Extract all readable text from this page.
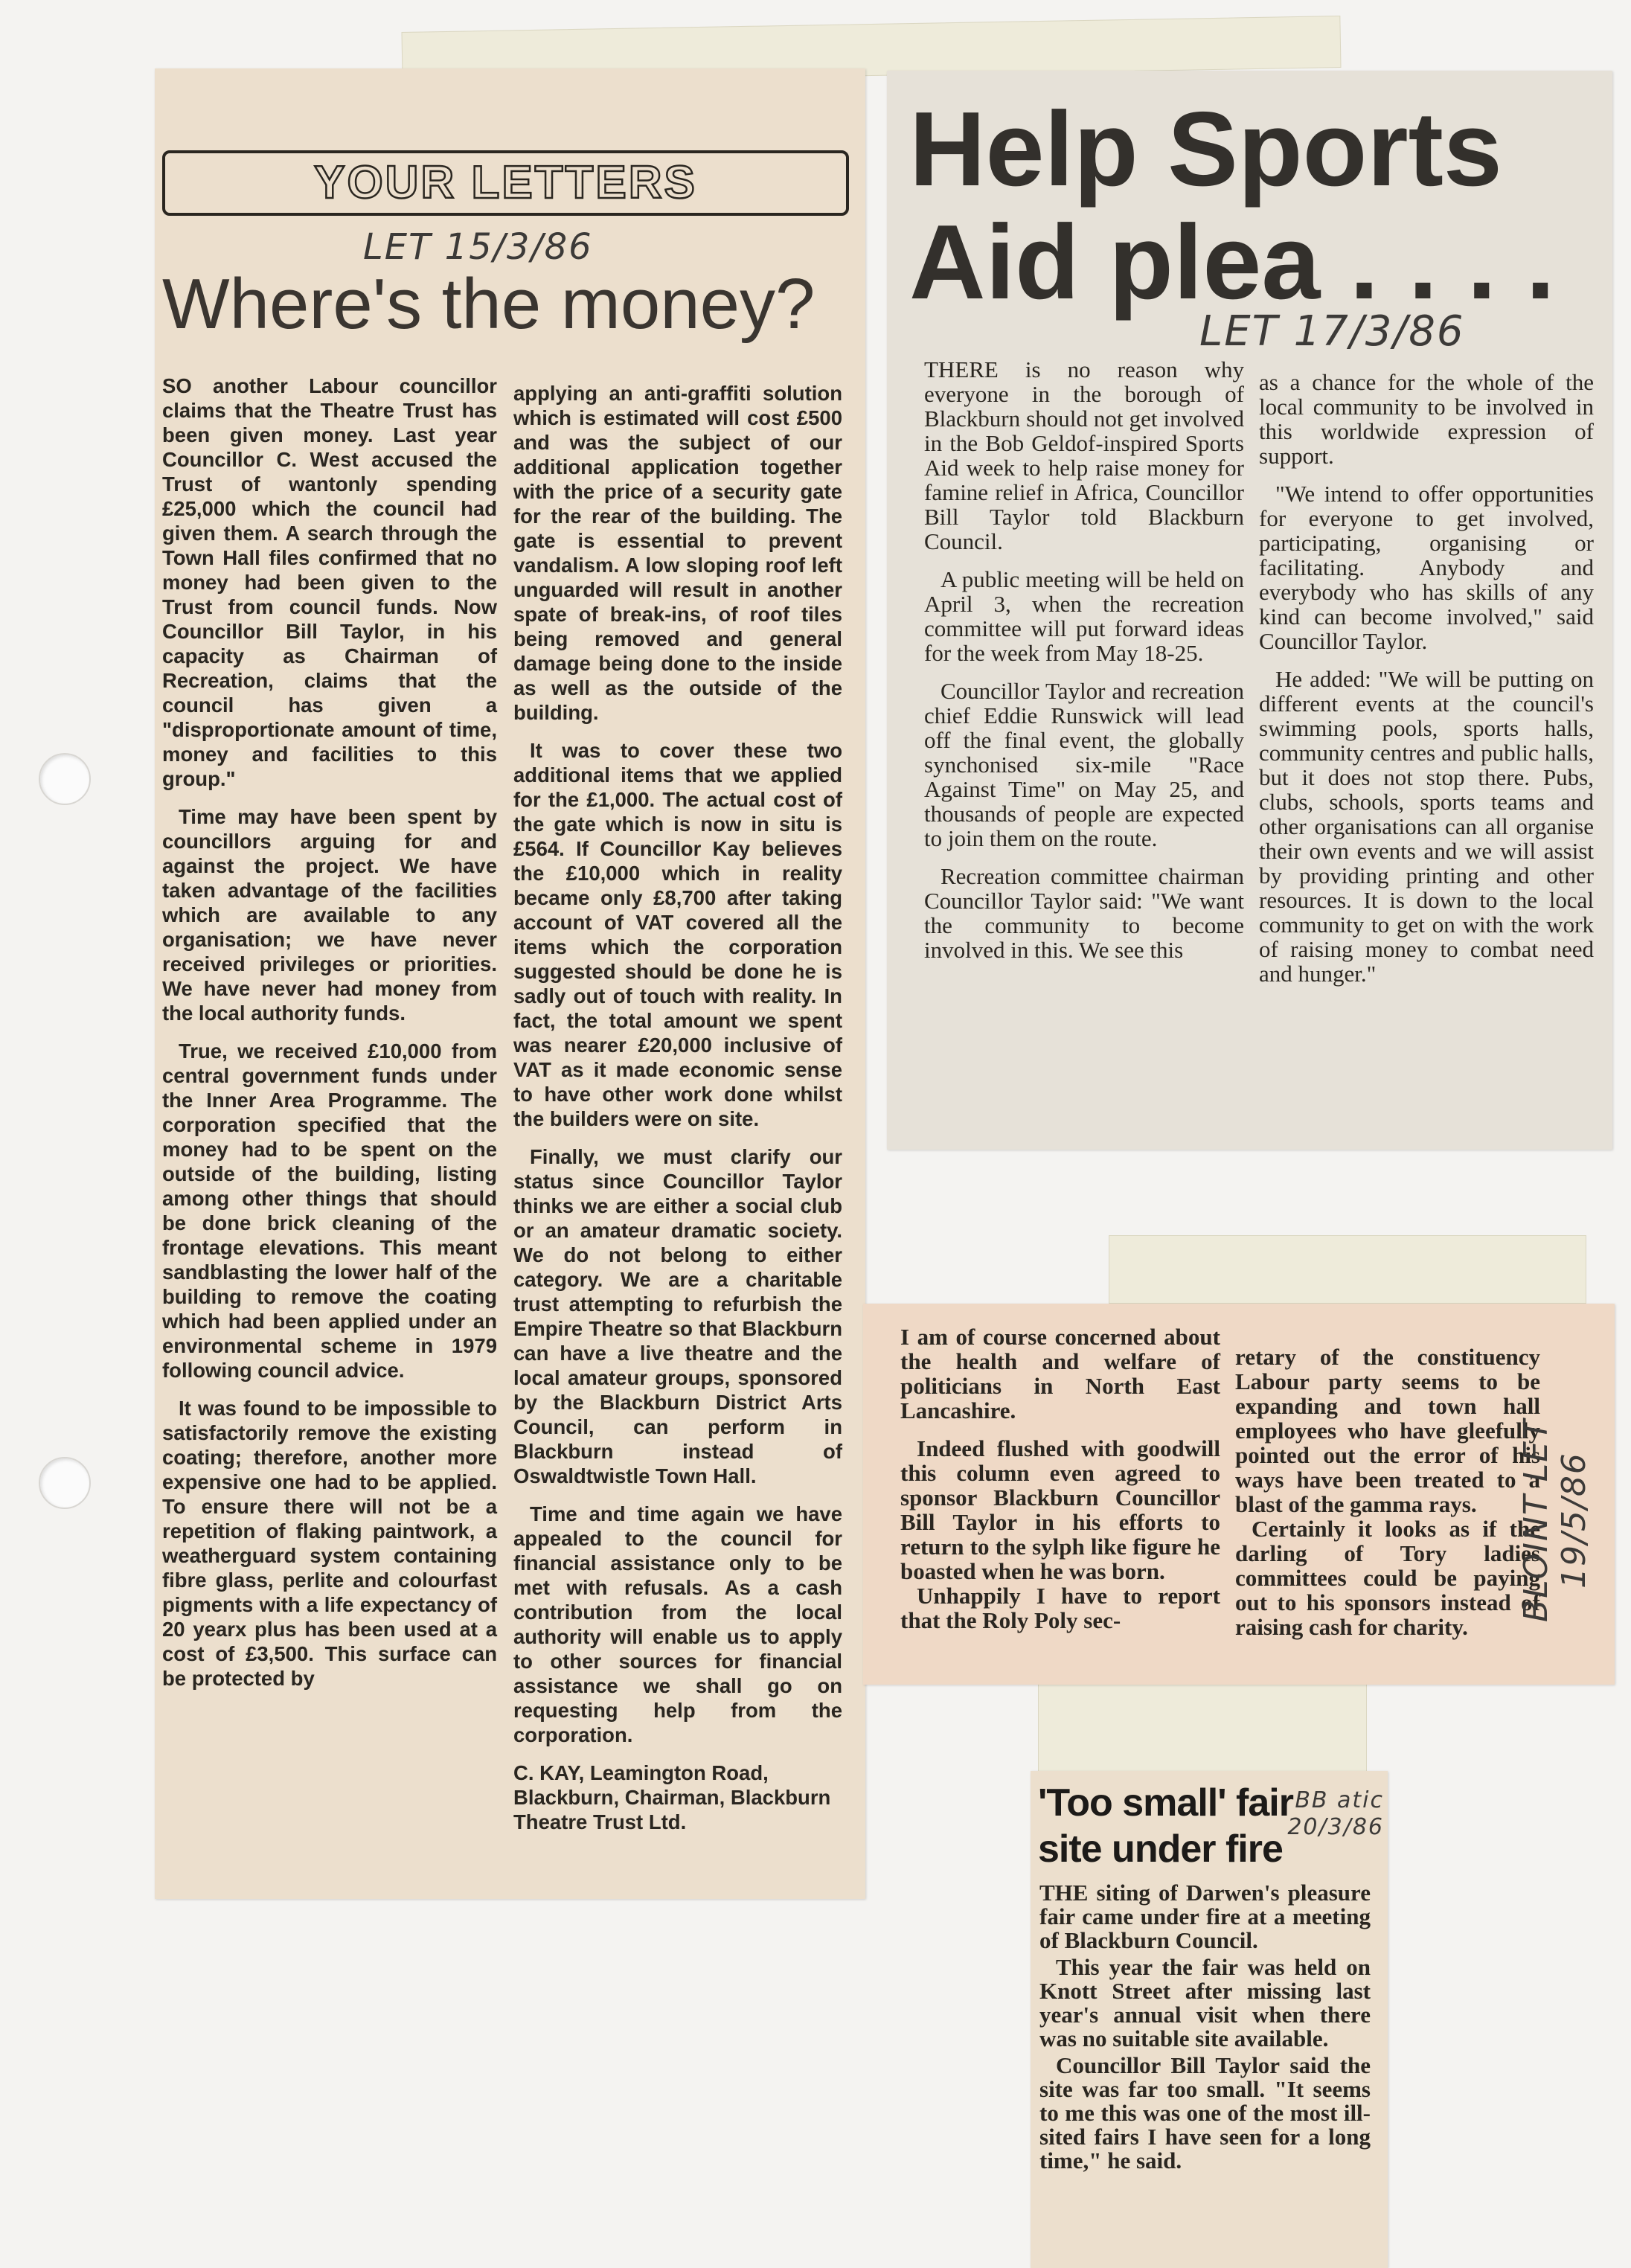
YOUR LETTERS
LET 15/3/86
Where's the money?

SO another Labour councillor claims that the Theatre Trust has been given money. Last year Councillor C. West accused the Trust of wantonly spending £25,000 which the council had given them. A search through the Town Hall files confirmed that no money had been given to the Trust from council funds. Now Councillor Bill Taylor, in his capacity as Chairman of Recreation, claims that the council has given a "disproportionate amount of time, money and facilities to this group."

Time may have been spent by councillors arguing for and against the project. We have taken advantage of the facilities which are available to any organisation; we have never received privileges or priorities. We have never had money from the local authority funds.

True, we received £10,000 from central government funds under the Inner Area Programme. The corporation specified that the money had to be spent on the outside of the building, listing among other things that should be done brick cleaning of the frontage elevations. This meant sandblasting the lower half of the building to remove the coating which had been applied under an environmental scheme in 1979 following council advice.

It was found to be impossible to satisfactorily remove the existing coating; therefore, another more expensive one had to be applied. To ensure there will not be a repetition of flaking paintwork, a weatherguard system containing fibre glass, perlite and colourfast pigments with a life expectancy of 20 yearx plus has been used at a cost of £3,500. This surface can be protected by

applying an anti-graffiti solution which is estimated will cost £500 and was the subject of our additional application together with the price of a security gate for the rear of the building. The gate is essential to prevent vandalism. A low sloping roof left unguarded will result in another spate of break-ins, of roof tiles being removed and general damage being done to the inside as well as the outside of the building.

It was to cover these two additional items that we applied for the £1,000. The actual cost of the gate which is now in situ is £564. If Councillor Kay believes the £10,000 which in reality became only £8,700 after taking account of VAT covered all the items which the corporation suggested should be done he is sadly out of touch with reality. In fact, the total amount we spent was nearer £20,000 inclusive of VAT as it made economic sense to have other work done whilst the builders were on site.

Finally, we must clarify our status since Councillor Taylor thinks we are either a social club or an amateur dramatic society. We do not belong to either category. We are a charitable trust attempting to refurbish the Empire Theatre so that Blackburn can have a live theatre and the local amateur groups, sponsored by the Blackburn District Arts Council, can perform in Blackburn instead of Oswaldtwistle Town Hall.

Time and time again we have appealed to the council for financial assistance only to be met with refusals. As a cash contribution from the local authority will enable us to apply to other sources for financial assistance we shall go on requesting help from the corporation.

C. KAY, Leamington Road, Blackburn, Chairman, Blackburn Theatre Trust Ltd.

Help Sports
Aid plea . . . .
LET 17/3/86

THERE is no reason why everyone in the borough of Blackburn should not get involved in the Bob Geldof-inspired Sports Aid week to help raise money for famine relief in Africa, Councillor Bill Taylor told Blackburn Council.

A public meeting will be held on April 3, when the recreation committee will put forward ideas for the week from May 18-25.

Councillor Taylor and recreation chief Eddie Runswick will lead off the final event, the globally synchonised six-mile "Race Against Time" on May 25, and thousands of people are expected to join them on the route.

Recreation committee chairman Councillor Taylor said: "We want the community to become involved in this. We see this

as a chance for the whole of the local community to be involved in this worldwide expression of support.

"We intend to offer opportunities for everyone to get involved, participating, organising or facilitating. Anybody and everybody who has skills of any kind can become involved," said Councillor Taylor.

He added: "We will be putting on different events at the council's swimming pools, sports halls, community centres and public halls, but it does not stop there. Pubs, clubs, schools, sports teams and other organisations can all organise their own events and we will assist by providing printing and other resources. It is down to the local community to get on with the work of raising money to combat need and hunger."

I am of course concerned about the health and welfare of politicians in North East Lancashire.

Indeed flushed with goodwill this column even agreed to sponsor Blackburn Councillor Bill Taylor in his efforts to return to the sylph like figure he boasted when he was born.

Unhappily I have to report that the Roly Poly sec-

retary of the constituency Labour party seems to be expanding and town hall employees who have gleefully pointed out the error of his ways have been treated to a blast of the gamma rays.

Certainly it looks as if the darling of Tory ladies committees could be paying out to his sponsors instead of raising cash for charity.

BLOINT LET 19/5/86
'Too small' fair site under fire
BB atic 20/3/86

THE siting of Darwen's pleasure fair came under fire at a meeting of Blackburn Council.

This year the fair was held on Knott Street after missing last year's annual visit when there was no suitable site available.

Councillor Bill Taylor said the site was far too small. "It seems to me this was one of the most ill-sited fairs I have seen for a long time," he said.
